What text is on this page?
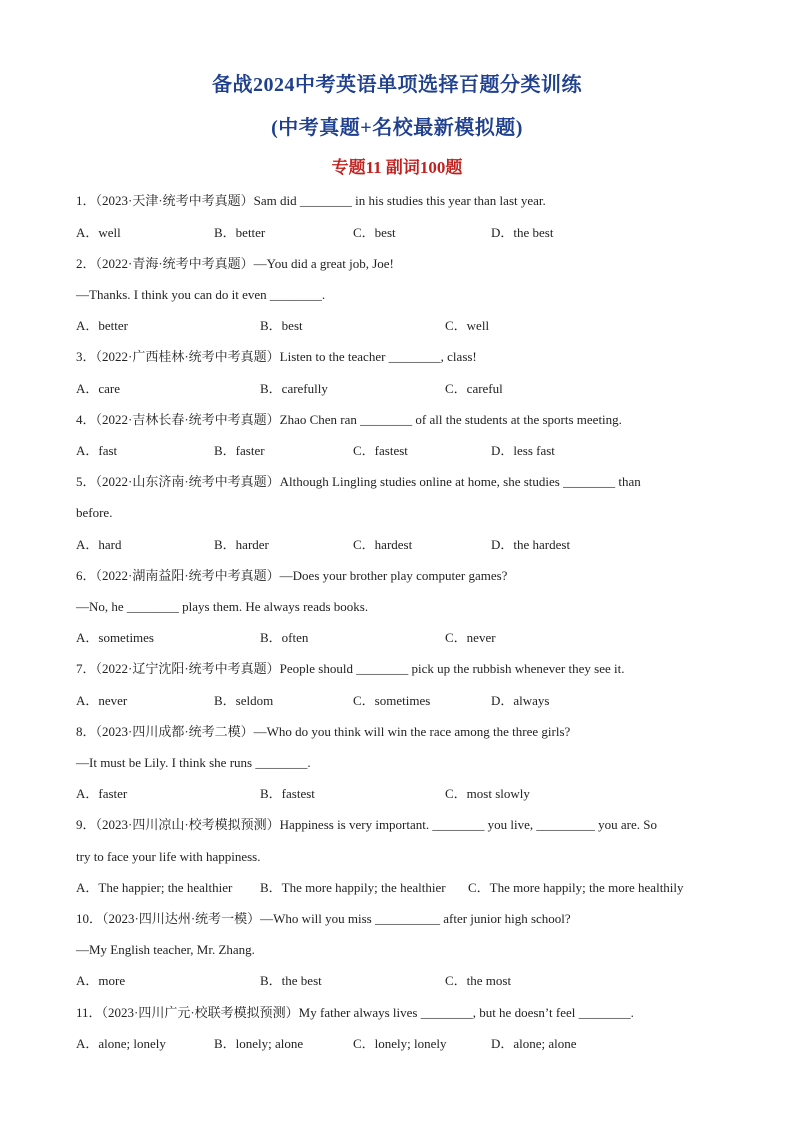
备战2024中考英语单项选择百题分类训练
(中考真题+名校最新模拟题)
专题11 副词100题
1．（2023·天津·统考中考真题）Sam did ________ in his studies this year than last year.
A．well	B．better	C．best	D．the best
2．（2022·青海·统考中考真题）—You did a great job, Joe!
—Thanks. I think you can do it even ________.
A．better	B．best	C．well
3．（2022·广西桂林·统考中考真题）Listen to the teacher ________, class!
A．care	B．carefully	C．careful
4．（2022·吉林长春·统考中考真题）Zhao Chen ran ________ of all the students at the sports meeting.
A．fast	B．faster	C．fastest	D．less fast
5．（2022·山东济南·统考中考真题）Although Lingling studies online at home, she studies ________ than
before.
A．hard	B．harder	C．hardest	D．the hardest
6．（2022·湖南益阳·统考中考真题）—Does your brother play computer games?
—No, he ________ plays them. He always reads books.
A．sometimes	B．often	C．never
7．（2022·辽宁沈阳·统考中考真题）People should ________ pick up the rubbish whenever they see it.
A．never	B．seldom	C．sometimes	D．always
8．（2023·四川成都·统考二模）—Who do you think will win the race among the three girls?
—It must be Lily. I think she runs ________.
A．faster	B．fastest	C．most slowly
9．（2023·四川凉山·校考模拟预测）Happiness is very important. ________ you live, _________ you are. So
try to face your life with happiness.
A．The happier; the healthier B．The more happily; the healthier C．The more happily; the more healthily
10．（2023·四川达州·统考一模）—Who will you miss __________ after junior high school?
—My English teacher, Mr. Zhang.
A．more	B．the best	C．the most
11．（2023·四川广元·校联考模拟预测）My father always lives ________, but he doesn’t feel ________.
A．alone; lonely	B．lonely; alone	C．lonely; lonely	D．alone; alone
